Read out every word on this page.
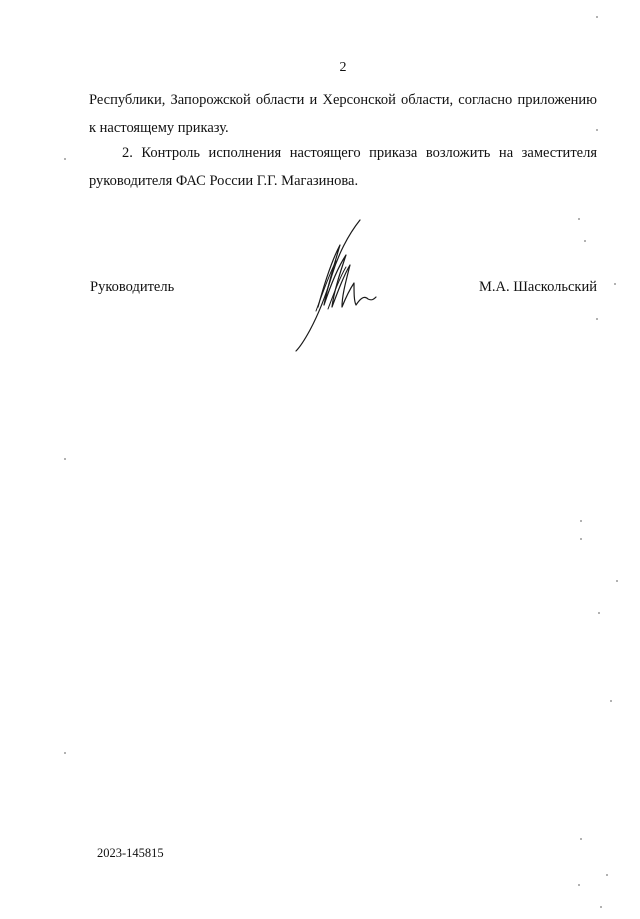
2

Республики, Запорожской области и Херсонской области, согласно приложению
к настоящему приказу.

2. Контроль исполнения настоящего приказа возложить на заместителя
руководителя ФАС России Г.Г. Магазинова.

Руководитель	М.А. Шаскольский
2023-145815
